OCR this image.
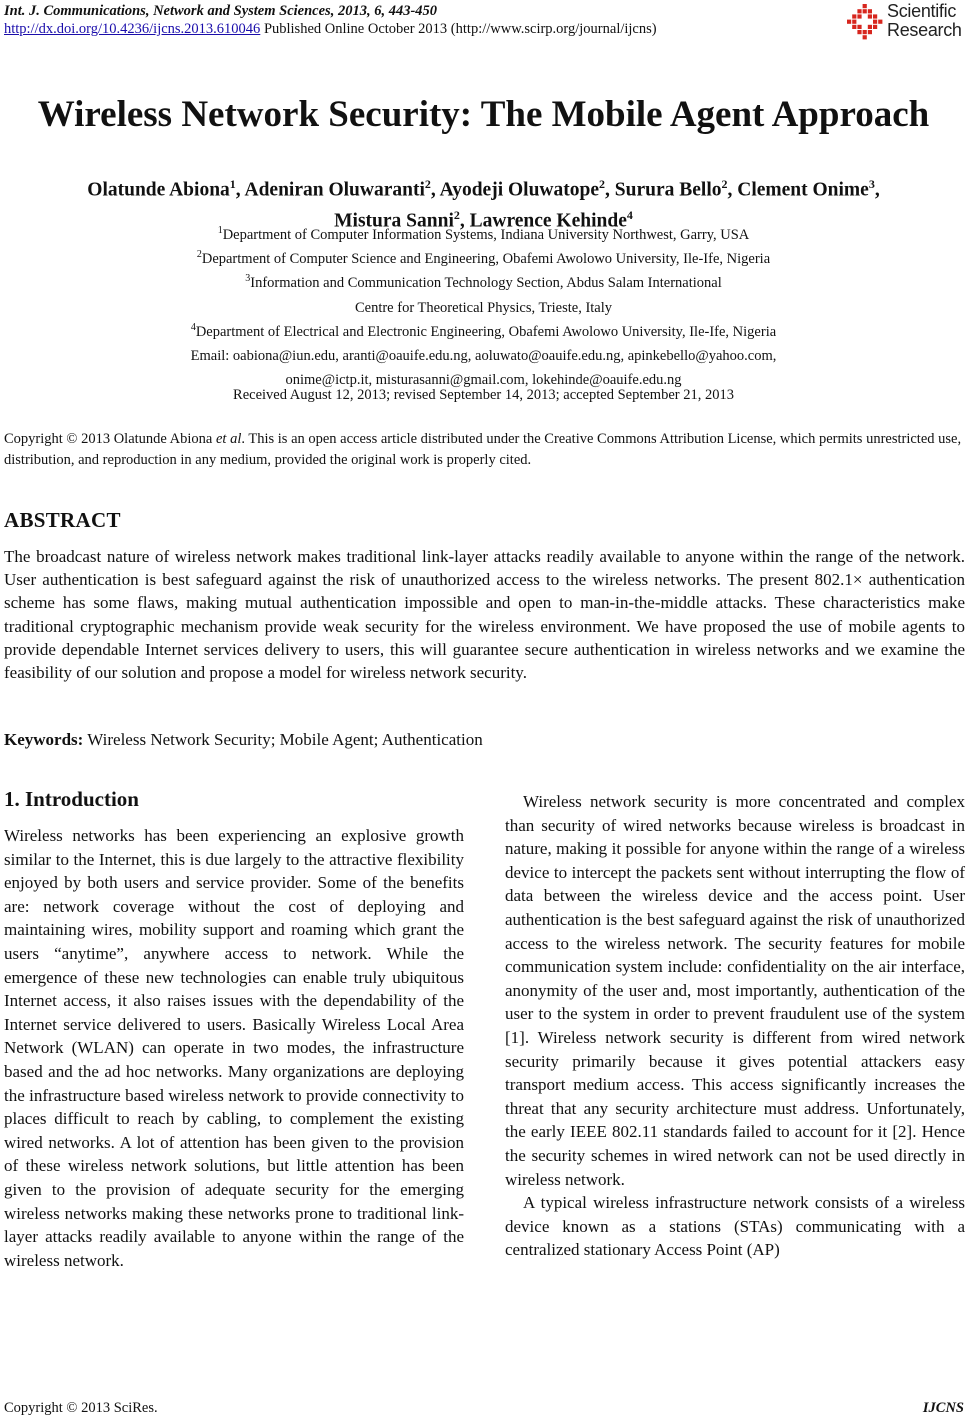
Int. J. Communications, Network and System Sciences, 2013, 6, 443-450
http://dx.doi.org/10.4236/ijcns.2013.610046 Published Online October 2013 (http://www.scirp.org/journal/ijcns)
Scientific
Research
Wireless Network Security: The Mobile Agent Approach
Olatunde Abiona$^1$, Adeniran Oluwaranti$^2$, Ayodeji Oluwatope$^2$, Surura Bello$^2$, Clement Onime$^3$,
Mistura Sanni$^2$, Lawrence Kehinde$^4$
$^1$Department of Computer Information Systems, Indiana University Northwest, Garry, USA
$^2$Department of Computer Science and Engineering, Obafemi Awolowo University, Ile-Ife, Nigeria
$^3$Information and Communication Technology Section, Abdus Salam International
Centre for Theoretical Physics, Trieste, Italy
$^4$Department of Electrical and Electronic Engineering, Obafemi Awolowo University, Ile-Ife, Nigeria
Email: oabiona@iun.edu, aranti@oauife.edu.ng, aoluwato@oauife.edu.ng, apinkebello@yahoo.com,
onime@ictp.it, misturasanni@gmail.com, lokehinde@oauife.edu.ng
Received August 12, 2013; revised September 14, 2013; accepted September 21, 2013
Copyright © 2013 Olatunde Abiona et al. This is an open access article distributed under the Creative Commons Attribution License, which permits unrestricted use, distribution, and reproduction in any medium, provided the original work is properly cited.
ABSTRACT
The broadcast nature of wireless network makes traditional link-layer attacks readily available to anyone within the range of the network. User authentication is best safeguard against the risk of unauthorized access to the wireless networks. The present 802.1× authentication scheme has some flaws, making mutual authentication impossible and open to man-in-the-middle attacks. These characteristics make traditional cryptographic mechanism provide weak security for the wireless environment. We have proposed the use of mobile agents to provide dependable Internet services delivery to users, this will guarantee secure authentication in wireless networks and we examine the feasibility of our solution and propose a model for wireless network security.
Keywords: Wireless Network Security; Mobile Agent; Authentication
1. Introduction

Wireless networks has been experiencing an explosive growth similar to the Internet, this is due largely to the attractive flexibility enjoyed by both users and service provider. Some of the benefits are: network coverage without the cost of deploying and maintaining wires, mobility support and roaming which grant the users “anytime”, anywhere access to network. While the emergence of these new technologies can enable truly ubiquitous Internet access, it also raises issues with the dependability of the Internet service delivered to users. Basically Wireless Local Area Network (WLAN) can operate in two modes, the infrastructure based and the ad hoc networks. Many organizations are deploying the infrastructure based wireless network to provide connectivity to places difficult to reach by cabling, to complement the existing wired networks. A lot of attention has been given to the provision of these wireless network solutions, but little attention has been given to the provision of adequate security for the emerging wireless networks making these networks prone to traditional link-layer attacks readily available to anyone within the range of the wireless network.

Wireless network security is more concentrated and complex than security of wired networks because wireless is broadcast in nature, making it possible for anyone within the range of a wireless device to intercept the packets sent without interrupting the flow of data between the wireless device and the access point. User authentication is the best safeguard against the risk of unauthorized access to the wireless network. The security features for mobile communication system include: confidentiality on the air interface, anonymity of the user and, most importantly, authentication of the user to the system in order to prevent fraudulent use of the system [1]. Wireless network security is different from wired network security primarily because it gives potential attackers easy transport medium access. This access significantly increases the threat that any security architecture must address. Unfortunately, the early IEEE 802.11 standards failed to account for it [2]. Hence the security schemes in wired network can not be used directly in wireless network.

A typical wireless infrastructure network consists of a wireless device known as a stations (STAs) communicating with a centralized stationary Access Point (AP)

Copyright © 2013 SciRes.	IJCNS
